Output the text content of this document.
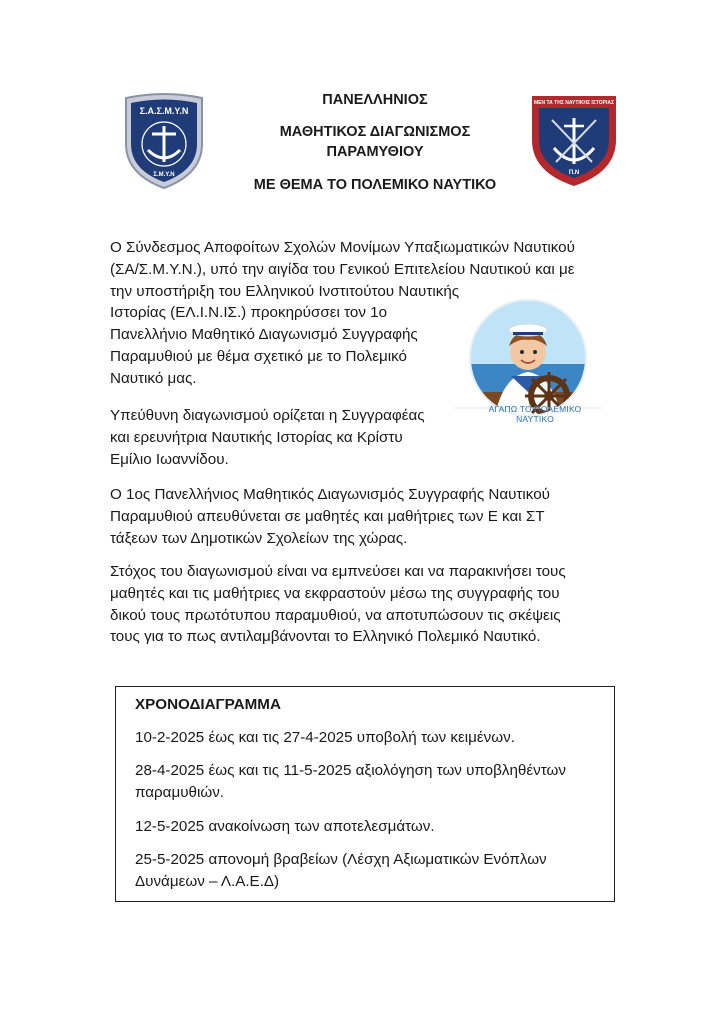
Σ.Α.Σ.Μ.Υ.Ν
Σ.Μ.Υ.Ν
ΠΑΝΕΛΛΗΝΙΟΣ
ΜΑΘΗΤΙΚΟΣ ΔΙΑΓΩΝΙΣΜΟΣ
ΠΑΡΑΜΥΘΙΟΥ
ΜΕ ΘΕΜΑ ΤΟ ΠΟΛΕΜΙΚΟ ΝΑΥΤΙΚΟ
ΜΕΝ ΤΑ ΤΗΣ ΝΑΥΤΙΚΗΣ ΙΣΤΟΡΙΑΣ
Π.Ν
Ο Σύνδεσμος Αποφοίτων Σχολών Μονίμων Υπαξιωματικών Ναυτικού
(ΣΑ/Σ.Μ.Υ.Ν.), υπό την αιγίδα του Γενικού Επιτελείου Ναυτικού και με
την υποστήριξη του Ελληνικού Ινστιτούτου Ναυτικής
Ιστορίας (ΕΛ.Ι.Ν.ΙΣ.) προκηρύσσει τον 1ο
Πανελλήνιο Μαθητικό Διαγωνισμό Συγγραφής
Παραμυθιού με θέμα σχετικό με το Πολεμικό
Ναυτικό μας.
ΑΓΑΠΩ ΤΟ ΠΟΛΕΜΙΚΟ ΝΑΥΤΙΚΟ
Υπεύθυνη διαγωνισμού ορίζεται η Συγγραφέας
και ερευνήτρια Ναυτικής Ιστορίας κα Κρίστυ
Εμίλιο Ιωαννίδου.
Ο 1ος Πανελλήνιος Μαθητικός Διαγωνισμός Συγγραφής Ναυτικού
Παραμυθιού απευθύνεται σε μαθητές και μαθήτριες των Ε και ΣΤ
τάξεων των Δημοτικών Σχολείων της χώρας.
Στόχος του διαγωνισμού είναι να εμπνεύσει και να παρακινήσει τους
μαθητές και τις μαθήτριες να εκφραστούν μέσω της συγγραφής του
δικού τους πρωτότυπου παραμυθιού, να αποτυπώσουν τις σκέψεις
τους για το πως αντιλαμβάνονται το Ελληνικό Πολεμικό Ναυτικό.
ΧΡΟΝΟΔΙΑΓΡΑΜΜΑ
10-2-2025 έως και τις 27-4-2025 υποβολή των κειμένων.
28-4-2025 έως και τις 11-5-2025 αξιολόγηση των υποβληθέντων
παραμυθιών.
12-5-2025 ανακοίνωση των αποτελεσμάτων.
25-5-2025 απονομή βραβείων (Λέσχη Αξιωματικών Ενόπλων
Δυνάμεων – Λ.Α.Ε.Δ)
